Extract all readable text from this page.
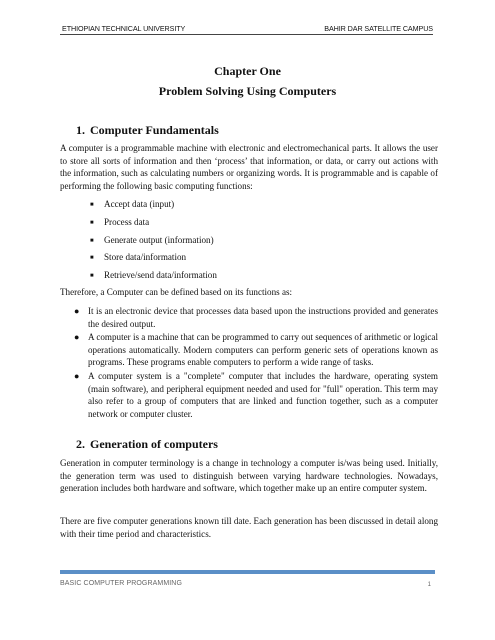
ETHIOPIAN TECHNICAL UNIVERSITY	BAHIR DAR SATELLITE CAMPUS
Chapter One
Problem Solving Using Computers
1. Computer Fundamentals

A computer is a programmable machine with electronic and electromechanical parts. It allows the user to store all sorts of information and then ‘process’ that information, or data, or carry out actions with the information, such as calculating numbers or organizing words. It is programmable and is capable of performing the following basic computing functions:

■ Accept data (input)
■ Process data
■ Generate output (information)
■ Store data/information
■ Retrieve/send data/information

Therefore, a Computer can be defined based on its functions as:

● It is an electronic device that processes data based upon the instructions provided and generates the desired output.
● A computer is a machine that can be programmed to carry out sequences of arithmetic or logical operations automatically. Modern computers can perform generic sets of operations known as programs. These programs enable computers to perform a wide range of tasks.
● A computer system is a "complete" computer that includes the hardware, operating system (main software), and peripheral equipment needed and used for "full" operation. This term may also refer to a group of computers that are linked and function together, such as a computer network or computer cluster.
2. Generation of computers

Generation in computer terminology is a change in technology a computer is/was being used. Initially, the generation term was used to distinguish between varying hardware technologies. Nowadays, generation includes both hardware and software, which together make up an entire computer system.

There are five computer generations known till date. Each generation has been discussed in detail along with their time period and characteristics.

BASIC COMPUTER PROGRAMMING	1
